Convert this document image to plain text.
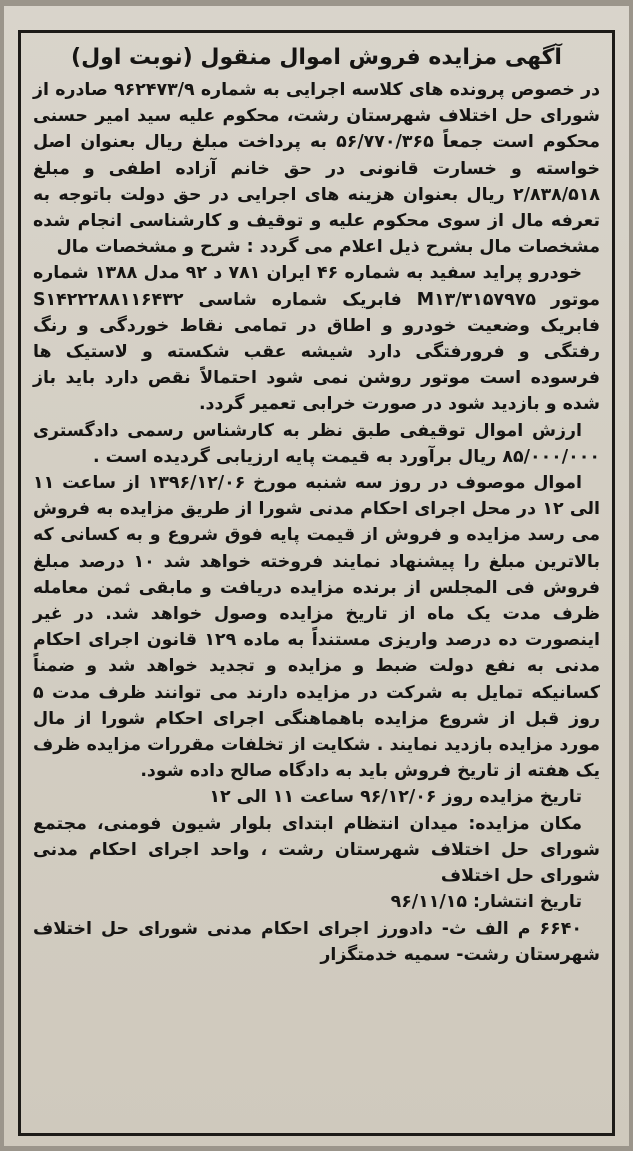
آگهی مزایده فروش اموال منقول (نوبت اول)

در خصوص پرونده های کلاسه اجرایی به شماره ۹۶۲۴۷۳/۹ صادره از شورای حل اختلاف شهرستان رشت، محکوم علیه سید امیر حسنی محکوم است جمعاً ۵۶/۷۷۰/۳۶۵ به پرداخت مبلغ ریال بعنوان اصل خواسته و خسارت قانونی در حق خانم آزاده اطفی و مبلغ ۲/۸۳۸/۵۱۸ ریال بعنوان هزینه های اجرایی در حق دولت باتوجه به تعرفه مال از سوی محکوم علیه و توقیف و کارشناسی انجام شده مشخصات مال بشرح ذیل اعلام می گردد : شرح و مشخصات مال

خودرو پراید سفید به شماره ۴۶ ایران ۷۸۱ د ۹۲ مدل ۱۳۸۸ شماره موتور M۱۳/۳۱۵۷۹۷۵ فابریک شماره شاسی S۱۴۲۲۲۸۸۱۱۶۴۳۲ فابریک وضعیت خودرو و اطاق در تمامی نقاط خوردگی و رنگ رفتگی و فرورفتگی دارد شیشه عقب شکسته و لاستیک ها فرسوده است موتور روشن نمی شود احتمالاً نقص دارد باید باز شده و بازدید شود در صورت خرابی تعمیر گردد.

ارزش اموال توقیفی طبق نظر به کارشناس رسمی دادگستری ۸۵/۰۰۰/۰۰۰ ریال برآورد به قیمت پایه ارزیابی گردیده است .

اموال موصوف در روز سه شنبه مورخ ۱۳۹۶/۱۲/۰۶ از ساعت ۱۱ الی ۱۲ در محل اجرای احکام مدنی شورا از طریق مزایده به فروش می رسد مزایده و فروش از قیمت پایه فوق شروع و به کسانی که بالاترین مبلغ را پیشنهاد نمایند فروخته خواهد شد ۱۰ درصد مبلغ فروش فی المجلس از برنده مزایده دریافت و مابقی ثمن معامله ظرف مدت یک ماه از تاریخ مزایده وصول خواهد شد. در غیر اینصورت ده درصد واریزی مستنداً به ماده ۱۲۹ قانون اجرای احکام مدنی به نفع دولت ضبط و مزایده و تجدید خواهد شد و ضمناً کسانیکه تمایل به شرکت در مزایده دارند می توانند ظرف مدت ۵ روز قبل از شروع مزایده باهماهنگی اجرای احکام شورا از مال مورد مزایده بازدید نمایند . شکایت از تخلفات مقررات مزایده ظرف یک هفته از تاریخ فروش باید به دادگاه صالح داده شود.

تاریخ مزایده روز ۹۶/۱۲/۰۶ ساعت ۱۱ الی ۱۲

مکان مزایده: میدان انتظام ابتدای بلوار شیون فومنی، مجتمع شورای حل اختلاف شهرستان رشت ، واحد اجرای احکام مدنی شورای حل اختلاف

تاریخ انتشار: ۹۶/۱۱/۱۵

۶۶۴۰ م الف ث- دادورز اجرای احکام مدنی شورای حل اختلاف شهرستان رشت- سمیه خدمتگزار
